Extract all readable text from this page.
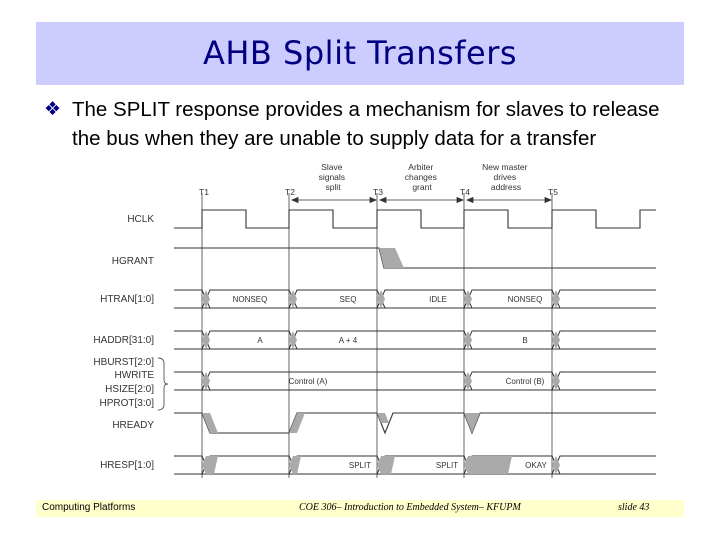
AHB Split Transfers
❖ The SPLIT response provides a mechanism for slaves to release the bus when they are unable to supply data for a transfer
Slave signals split
Arbiter changes grant
New master drives address
T1	T2	T3	T4	T5
HCLK
HGRANT
HTRAN[1:0]
HADDR[31:0]
HBURST[2:0]
HWRITE
HSIZE[2:0]
HPROT[3:0]
HREADY
HRESP[1:0]
NONSEQ	SEQ	IDLE	NONSEQ
A	A + 4	B
Control (A)	Control (B)
SPLIT	SPLIT	OKAY
Computing Platforms	COE 306– Introduction to Embedded System– KFUPM	slide 43
